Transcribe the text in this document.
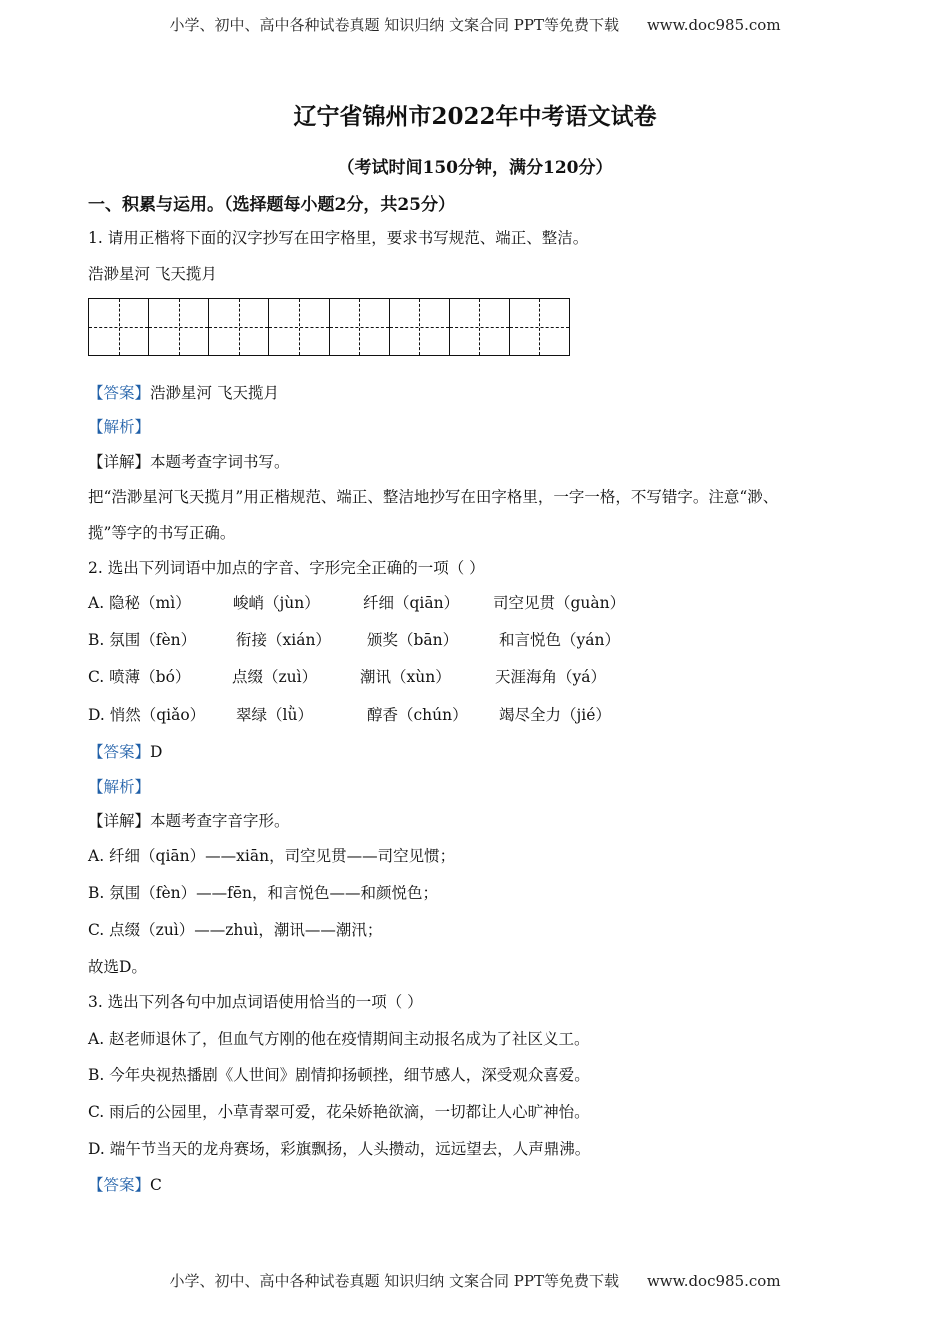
小学、初中、高中各种试卷真题 知识归纳 文案合同 PPT等免费下载 www.doc985.com
辽宁省锦州市2022年中考语文试卷
（考试时间150分钟，满分120分）
一、积累与运用。（选择题每小题2分，共25分）
1. 请用正楷将下面的汉字抄写在田字格里，要求书写规范、端正、整洁。
浩渺星河 飞天揽月
【答案】浩渺星河 飞天揽月
【解析】
【详解】本题考查字词书写。
把“浩渺星河飞天揽月”用正楷规范、端正、整洁地抄写在田字格里，一字一格，不写错字。注意“渺、
揽”等字的书写正确。
2. 选出下列词语中加点的字音、字形完全正确的一项（ ）
A. 隐秘（mì）	峻峭（jùn）	纤细（qiān） 司空见贯（guàn）
B. 氛围（fèn）	衔接（xián） 颁奖（bān）	和言悦色（yán）
C. 喷薄（bó）	点缀（zuì）	潮讯（xùn）	天涯海角（yá）
D. 悄然（qiǎo） 翠绿（lǜ）	醇香（chún） 竭尽全力（jié）
【答案】D
【解析】
【详解】本题考查字音字形。
A. 纤细（qiān）——xiān，司空见贯——司空见惯；
B. 氛围（fèn）——fēn，和言悦色——和颜悦色；
C. 点缀（zuì）——zhuì，潮讯——潮汛；
故选D。
3. 选出下列各句中加点词语使用恰当的一项（ ）
A. 赵老师退休了，但血气方刚的他在疫情期间主动报名成为了社区义工。
B. 今年央视热播剧《人世间》剧情抑扬顿挫，细节感人，深受观众喜爱。
C. 雨后的公园里，小草青翠可爱，花朵娇艳欲滴，一切都让人心旷神怡。
D. 端午节当天的龙舟赛场，彩旗飘扬，人头攒动，远远望去，人声鼎沸。
【答案】C
小学、初中、高中各种试卷真题 知识归纳 文案合同 PPT等免费下载 www.doc985.com
